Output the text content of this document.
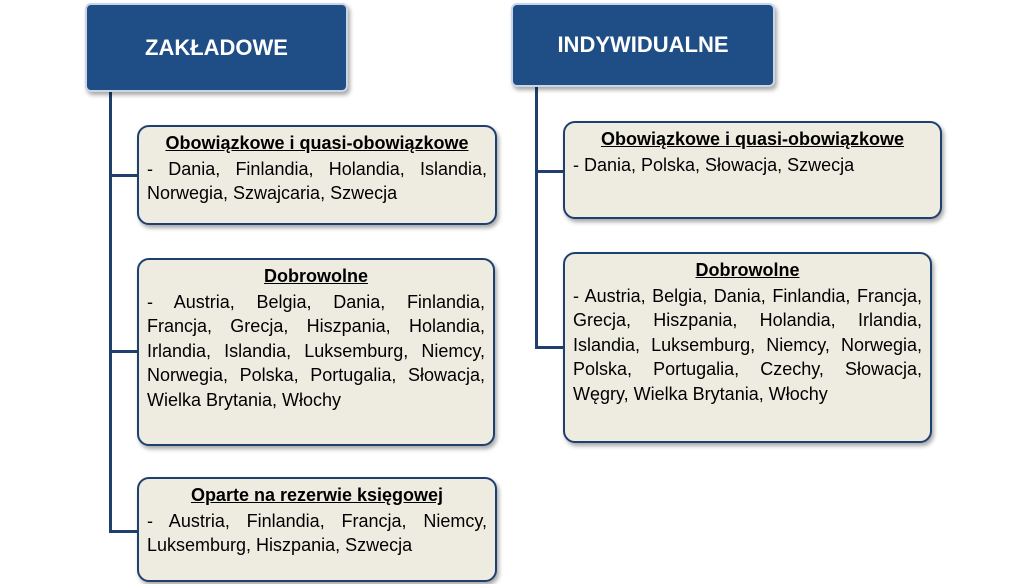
ZAKŁADOWE	INDYWIDUALNE
Obowiązkowe i quasi-obowiązkowe
- Dania, Finlandia, Holandia, Islandia, Norwegia, Szwajcaria, Szwecja
Dobrowolne
- Austria, Belgia, Dania, Finlandia, Francja, Grecja, Hiszpania, Holandia, Irlandia, Islandia, Luksemburg, Niemcy, Norwegia, Polska, Portugalia, Słowacja, Wielka Brytania, Włochy
Oparte na rezerwie księgowej
- Austria, Finlandia, Francja, Niemcy, Luksemburg, Hiszpania, Szwecja
Obowiązkowe i quasi-obowiązkowe
- Dania, Polska, Słowacja, Szwecja
Dobrowolne
- Austria, Belgia, Dania, Finlandia, Francja, Grecja, Hiszpania, Holandia, Irlandia, Islandia, Luksemburg, Niemcy, Norwegia, Polska, Portugalia, Czechy, Słowacja, Węgry, Wielka Brytania, Włochy
